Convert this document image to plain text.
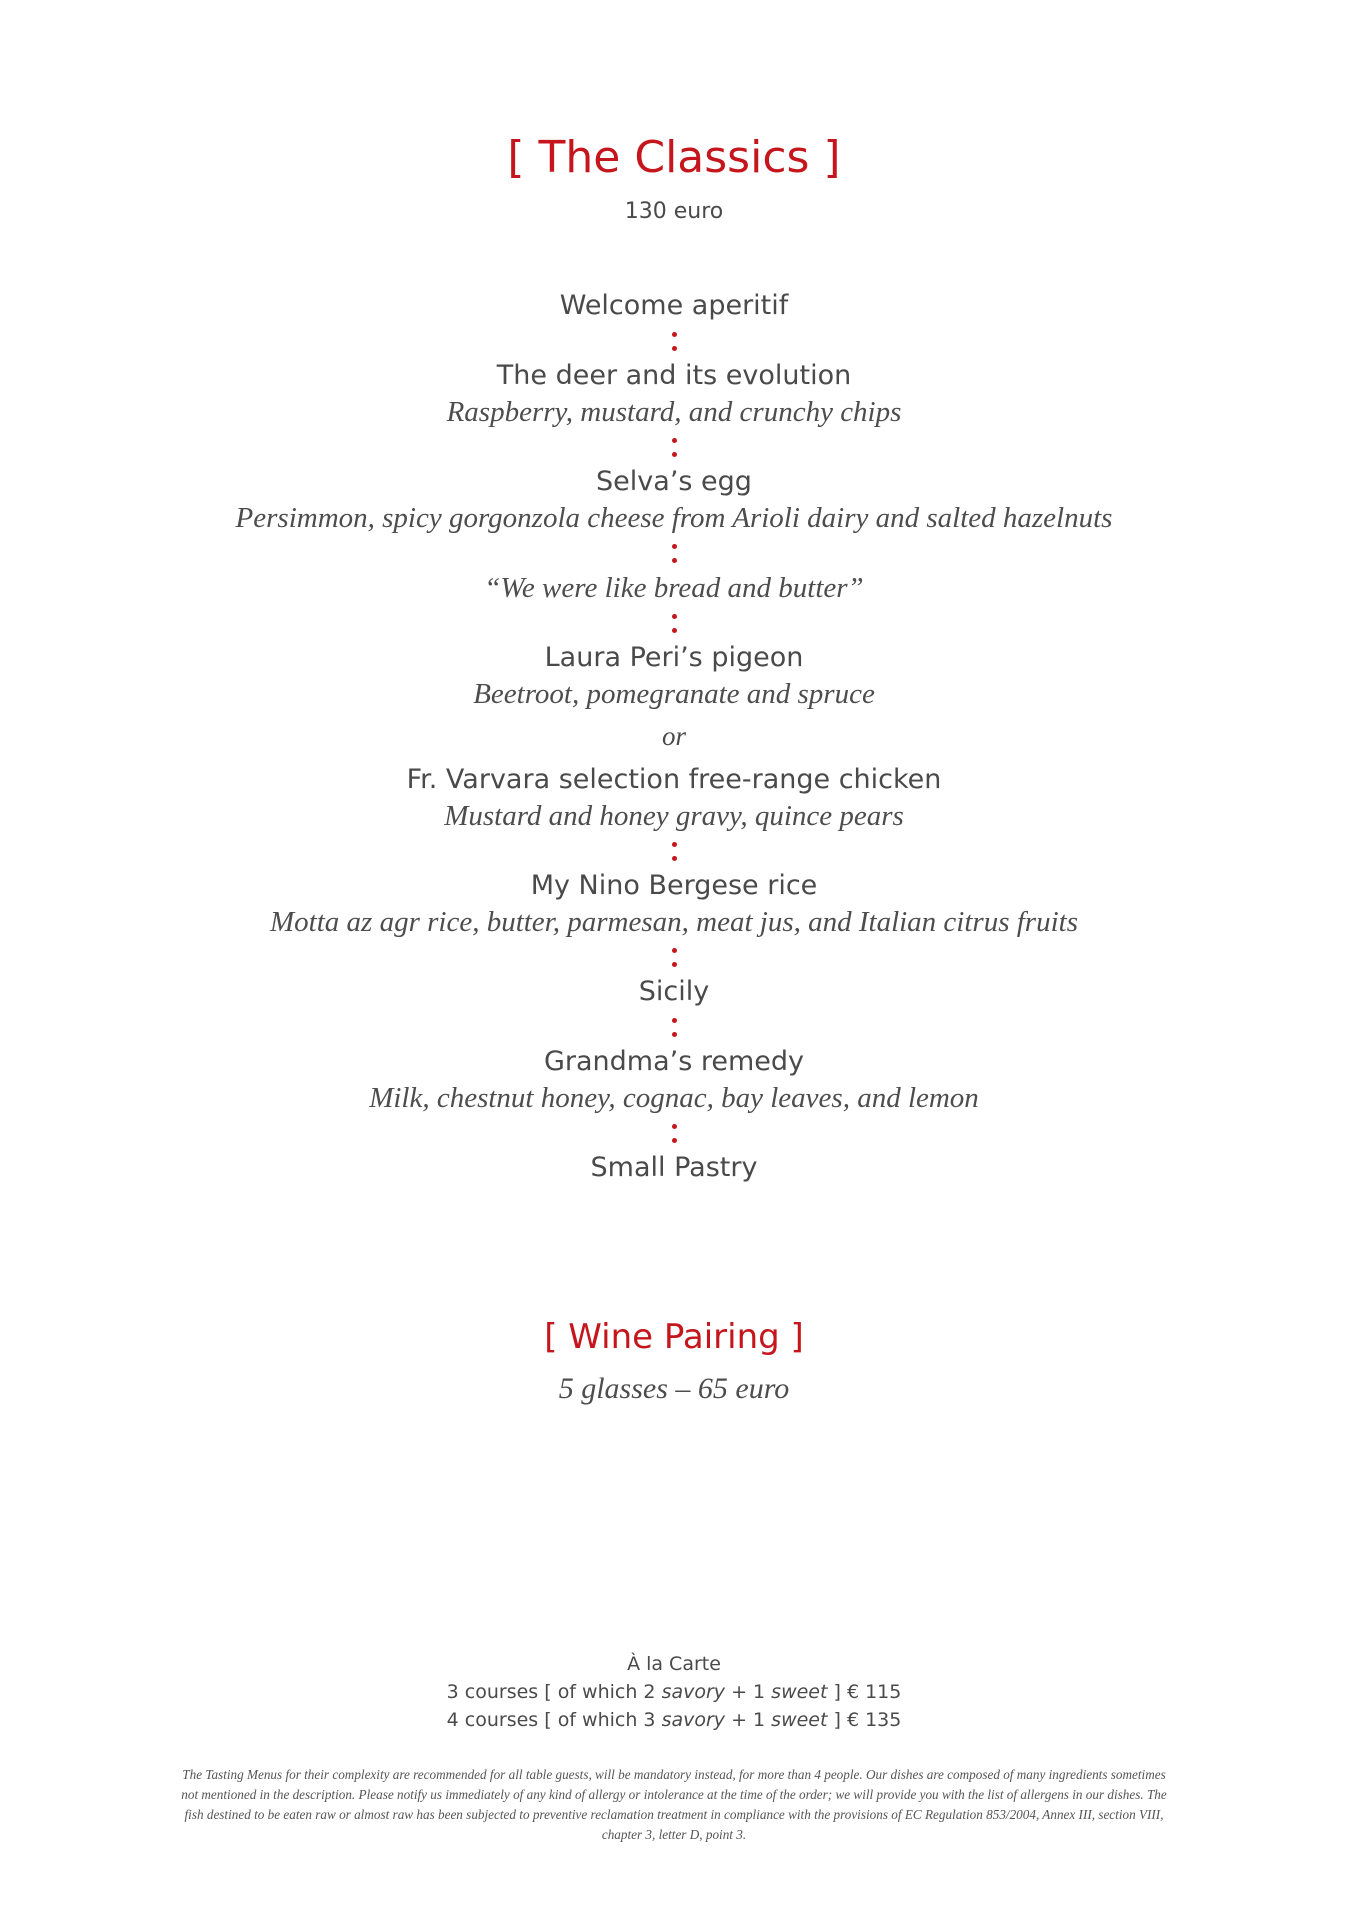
[ The Classics ]
130 euro
Welcome aperitif
The deer and its evolution
Raspberry, mustard, and crunchy chips
Selva’s egg
Persimmon, spicy gorgonzola cheese from Arioli dairy and salted hazelnuts
“We were like bread and butter”
Laura Peri’s pigeon
Beetroot, pomegranate and spruce
or
Fr. Varvara selection free-range chicken
Mustard and honey gravy, quince pears
My Nino Bergese rice
Motta az agr rice, butter, parmesan, meat jus, and Italian citrus fruits
Sicily
Grandma’s remedy
Milk, chestnut honey, cognac, bay leaves, and lemon
Small Pastry
[ Wine Pairing ]
5 glasses – 65 euro
À la Carte
3 courses [ of which 2 savory + 1 sweet ] € 115
4 courses [ of which 3 savory + 1 sweet ] € 135
The Tasting Menus for their complexity are recommended for all table guests, will be mandatory instead, for more than 4 people. Our dishes are composed of many ingredients sometimes not mentioned in the description. Please notify us immediately of any kind of allergy or intolerance at the time of the order; we will provide you with the list of allergens in our dishes. The fish destined to be eaten raw or almost raw has been subjected to preventive reclamation treatment in compliance with the provisions of EC Regulation 853/2004, Annex III, section VIII, chapter 3, letter D, point 3.
